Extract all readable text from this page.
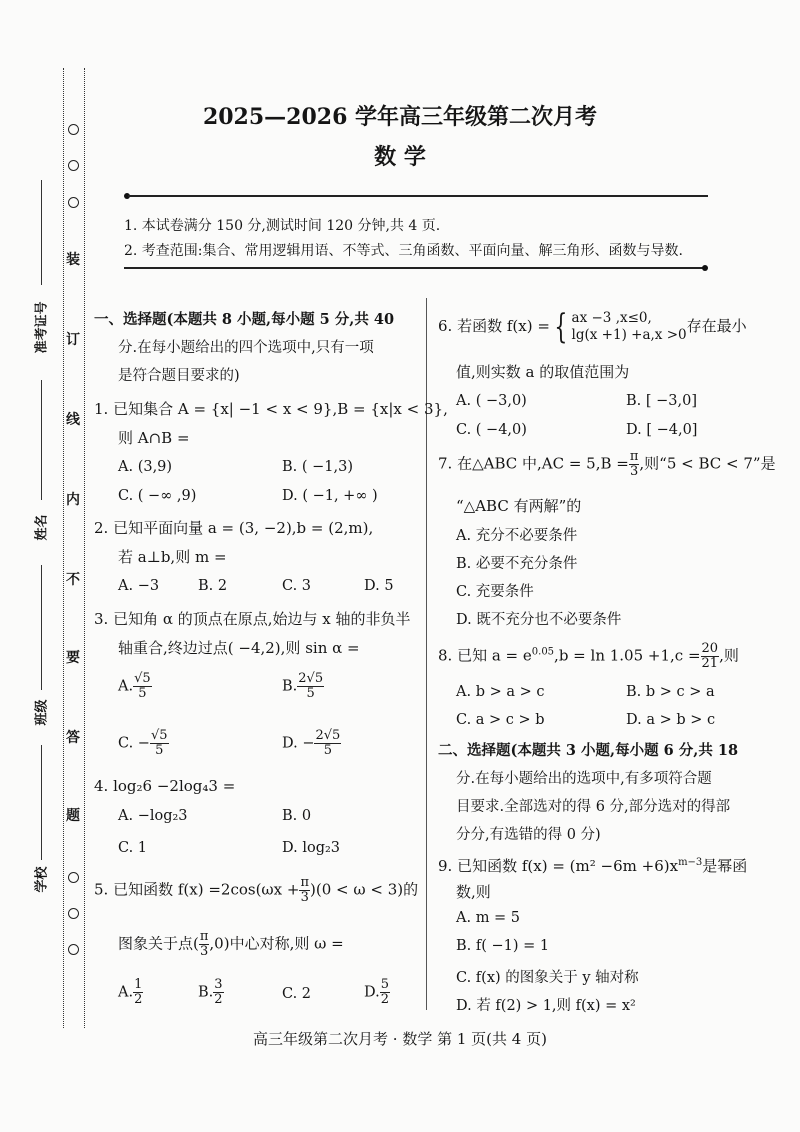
装
订
线
内
不
要
答
题
准考证号
姓名
班级
学校
2025—2026 学年高三年级第二次月考
数 学
1. 本试卷满分 150 分,测试时间 120 分钟,共 4 页.
2. 考查范围:集合、常用逻辑用语、不等式、三角函数、平面向量、解三角形、函数与导数.
一、选择题(本题共 8 小题,每小题 5 分,共 40
分.在每小题给出的四个选项中,只有一项
是符合题目要求的)
1. 已知集合 A = {x| −1 < x < 9},B = {x|x < 3},
则 A∩B =
A. (3,9)	B. ( −1,3)
C. ( −∞ ,9)	D. ( −1, +∞ )
2. 已知平面向量 a = (3, −2),b = (2,m),
若 a⊥b,则 m =
A. −3	B. 2	C. 3	D. 5
3. 已知角 α 的顶点在原点,始边与 x 轴的非负半
轴重合,终边过点( −4,2),则 sin α =
A. $\frac{√5}{5}$	B. $\frac{2√5}{5}$
C. − $\frac{√5}{5}$	D. − $\frac{2√5}{5}$
4. log₂6 −2log₄3 =
A. −log₂3	B. 0
C. 1	D. log₂3
5. 已知函数 $f(x) =2\cos(\omega x + \frac{\pi}{3} )(0 < \omega < 3)$的
图象关于点( $\frac{\pi}{3} ,0$)中心对称,则 ω =
A. $\frac{1}{2}$	B. $\frac{3}{2}$	C. 2	D. $\frac{5}{2}$
6. 若函数 f(x) = { ax −3 ,x≤0,
lg(x +1) +a,x >0存在最小
值,则实数 a 的取值范围为
A. ( −3,0)	B. [ −3,0]
C. ( −4,0)	D. [ −4,0]
7. 在△ABC 中$,AC = 5,B = \frac{\pi}{3}$ ,则“5 < BC < 7”是
“△ABC 有两解”的
A. 充分不必要条件
B. 必要不充分条件
C. 充要条件
D. 既不充分也不必要条件
8. 已知 $a = e^{0.05},b = \ln 1.05 +1,c = \frac{20}{21}$ ,则
A. b > a > c	B. b > c > a
C. a > c > b	D. a > b > c
二、选择题(本题共 3 小题,每小题 6 分,共 18
分.在每小题给出的选项中,有多项符合题
目要求.全部选对的得 6 分,部分选对的得部
分分,有选错的得 0 分)
9. 已知函数 $f(x) = (m^2 -6m +6)x^{m-3}$是幂函
数,则
A. m = 5
B. f( −1) = 1
C. f(x) 的图象关于 y 轴对称
D. 若 f(2) > 1,则 f(x) = x²
高三年级第二次月考 · 数学 第 1 页(共 4 页)
